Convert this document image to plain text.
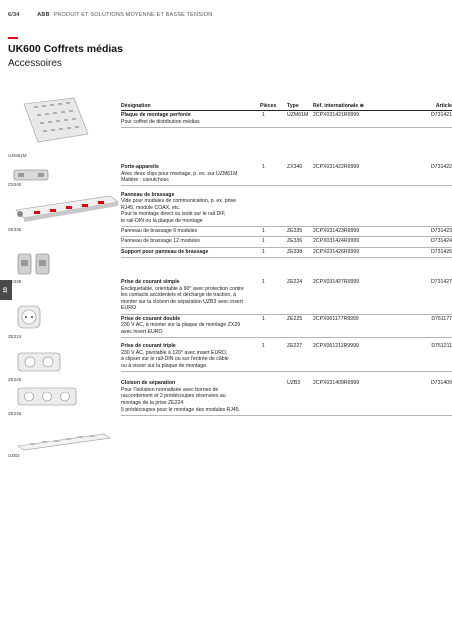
6/34	ABB PRODUIT ET SOLUTIONS MOYENNE ET BASSE TENSION
UK600 Coffrets médias
Accessoires
10
UZM61M
ZX340
ZE336
ZE338
ZE224
ZE225
ZE226
UZB3
Désignation	Pièces Type	Réf. internationale ⊕	Article
Plaque de montage perforée
Pour coffret de distribution médias
1	UZM61M 2CPX031421R9999	D731421
Porte-appareils
Avec deux clips pour montage, p. ex. sur UZM61M
Matière : caoutchouc
1	ZX340 2CPX031422R9999	D731422
Panneau de brassage
Vide pour modules de communication, p. ex. prise
RJ45, module COAX, etc.
Pour le montage direct ou isolé sur le rail DIF,
le rail-DIN ou la plaque de montage
Panneau de brassage 6 modules	1	ZE335 2CPX031423R9999	D731423
Panneau de brassage 12 modules	1	ZE336 2CPX031424R9999	D731424
Support pour panneau de brassage	1	ZE338 2CPX031426R9999	D731426
Prise de courant simple
Encliquetable, orientable à 90° avec protection contre
les contacts accidentels et décharge de traction, à
monter sur la cloison de séparation UZB3 avec insert
EURO
1	ZE224 2CPX031427R9999	D731427
Prise de courant double
230 V AC, à monter sur la plaque de montage ZX29
avec insert EURO
1	ZE225 2CPX061177R9999	D761177
Prise de courant triple
230 V AC, pivotable à 120° avec insert EURO,
à clipser sur le rail-DIN ou sur l'entrée de câble
ou à visser sur la plaque de montage.
1	ZE227 2CPX061211R9999	D761211
Cloison de séparation
Pour l'isolation normalisée avec bornes de
raccordement et 2 prédécoupes réservées au
montage de la prise ZE224
5 prédécoupes pour le montage des modules RJ45.
UZB3 2CPX031409R9999	D731409
